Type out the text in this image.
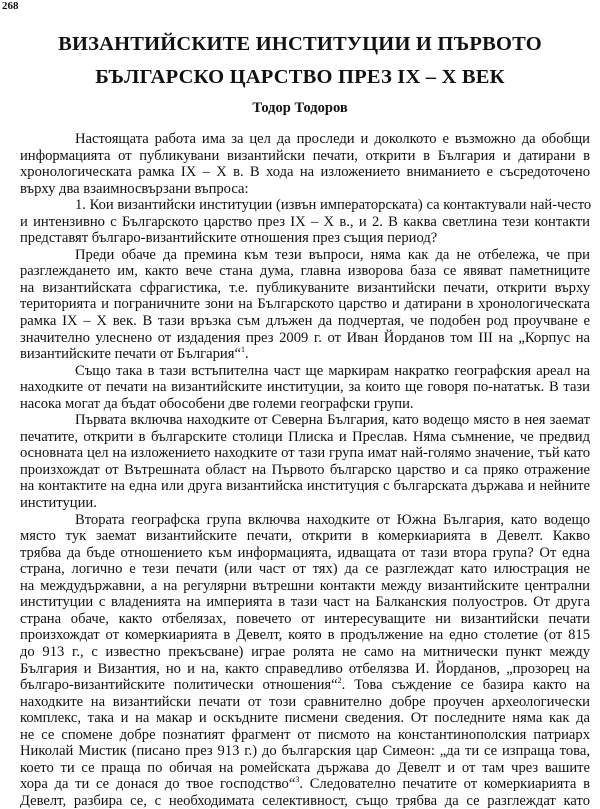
268
ВИЗАНТИЙСКИТЕ ИНСТИТУЦИИ И ПЪРВОТО
БЪЛГАРСКО ЦАРСТВО ПРЕЗ IX – X ВЕК
Тодор Тодоров
Настоящата работа има за цел да проследи и доколкото е възможно да обобщи
информацията от публикувани византийски печати, открити в България и датирани в
хронологическата рамка IX – X в. В хода на изложението вниманието е съсредоточено
върху два взаимносвързани въпроса:
1. Кои византийски институции (извън императорската) са контактували най-често
и интензивно с Българското царство през IX – X в., и 2. В каква светлина тези контакти
представят българо-византийските отношения през същия период?
Преди обаче да премина към тези въпроси, няма как да не отбележа, че при
разглеждането им, както вече стана дума, главна изворова база се явяват паметниците
на византийската сфрагистика, т.е. публикуваните византийски печати, открити върху
територията и пограничните зони на Българското царство и датирани в хронологическата
рамка IX – X век. В тази връзка съм длъжен да подчертая, че подобен род проучване е
значително улеснено от издадения през 2009 г. от Иван Йорданов том III на „Корпус на
византийските печати от България“$^1$.
Също така в тази встъпителна част ще маркирам накратко географския ареал на
находките от печати на византийските институции, за които ще говоря по-нататък. В тази
насока могат да бъдат обособени две големи географски групи.
Първата включва находките от Северна България, като водещо място в нея заемат
печатите, открити в българските столици Плиска и Преслав. Няма съмнение, че предвид
основната цел на изложението находките от тази група имат най-голямо значение, тъй като
произхождат от Вътрешната област на Първото българско царство и са пряко отражение
на контактите на една или друга византийска институция с българската държава и нейните
институции.
Втората географска група включва находките от Южна България, като водещо
място тук заемат византийските печати, открити в комеркиарията в Девелт. Какво
трябва да бъде отношението към информацията, идващата от тази втора група? От една
страна, логично е тези печати (или част от тях) да се разглеждат като илюстрация не
на междудържавни, а на регулярни вътрешни контакти между византийските централни
институции с владенията на империята в тази част на Балканския полуостров. От друга
страна обаче, както отбелязах, повечето от интересуващите ни византийски печати
произхождат от комеркиарията в Девелт, която в продължение на едно столетие (от 815
до 913 г., с известно прекъсване) играе ролята не само на митнически пункт между
България и Византия, но и на, както справедливо отбелязва И. Йорданов, „прозорец на
българо-византийските политически отношения“$^2$. Това съждение се базира както на
находките на византийски печати от този сравнително добре проучен археологически
комплекс, така и на макар и оскъдните писмени сведения. От последните няма как да
не се спомене добре познатият фрагмент от писмото на константинополския патриарх
Николай Мистик (писано през 913 г.) до българския цар Симеон: „да ти се изпраща това,
което ти се праща по обичая на ромейската държава до Девелт и от там чрез вашите
хора да ти се донася до твое господство“$^3$. Следователно печатите от комеркиарията в
Девелт, разбира се, с необходимата селективност, също трябва да се разглеждат като
